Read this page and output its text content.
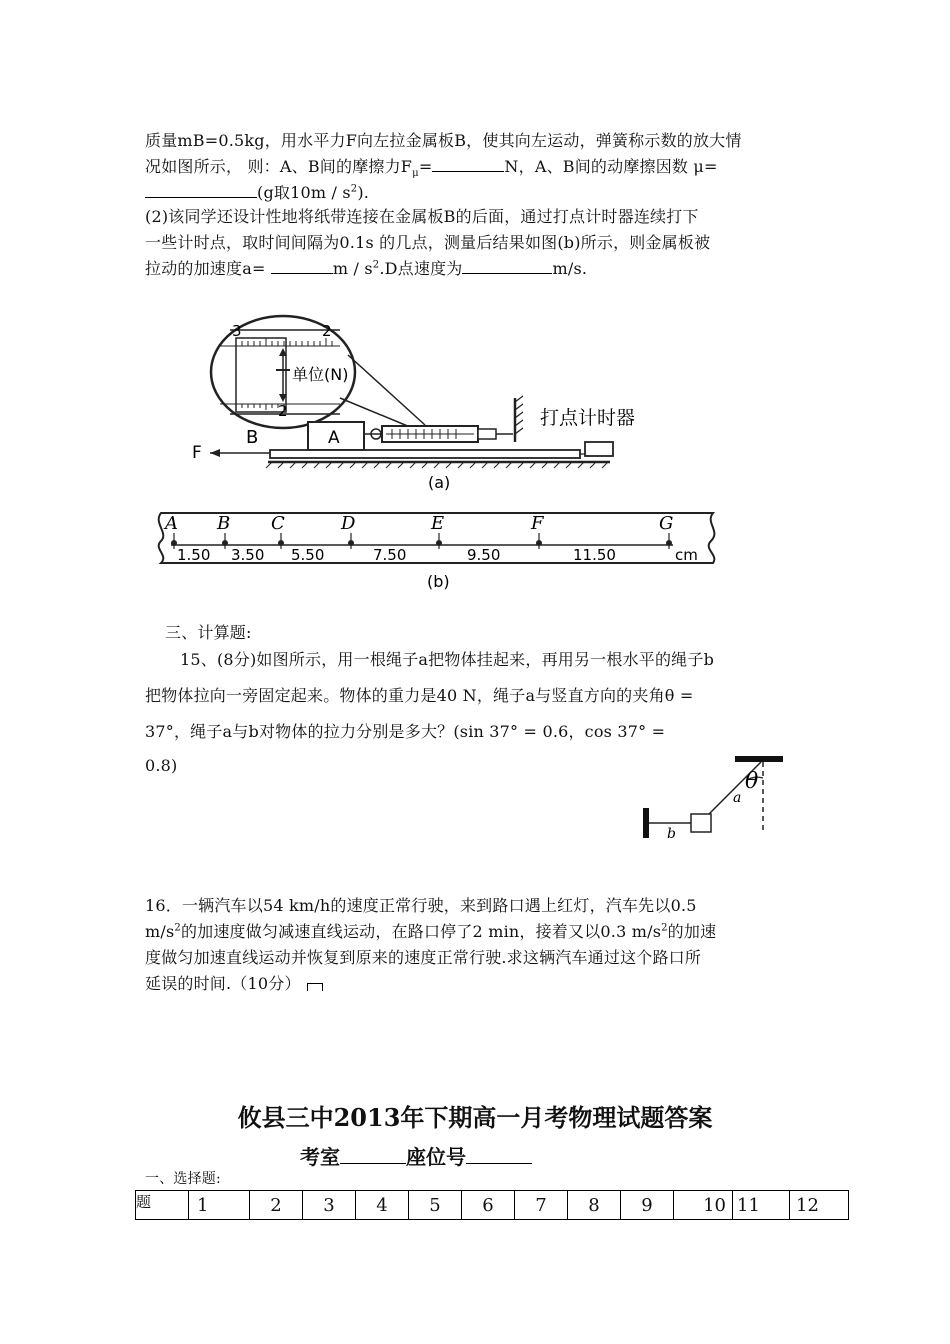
质量mB=0.5kg，用水平力F向左拉金属板B，使其向左运动，弹簧称示数的放大情
况如图所示， 则：A、B间的摩擦力$F_\mu=$	N，A、B间的动摩擦因数 μ=
(g取$10m / s^2$).
(2)该同学还设计性地将纸带连接在金属板B的后面，通过打点计时器连续打下
一些计时点，取时间间隔为0.1s 的几点，测量后结果如图(b)所示，则金属板被
拉动的加速度a=	m / $s^2.D$点速度为	m/s.
3	2
2
单位(N)
A
打点计时器
B
F
(a)
A B C	D	E	F	G
1.50 3.50 5.50	7.50	9.50	11.50	cm
(b)
三、计算题:
15、(8分)如图所示，用一根绳子a把物体挂起来，再用另一根水平的绳子b
把物体拉向一旁固定起来。物体的重力是40 N，绳子a与竖直方向的夹角θ =
37°，绳子a与b对物体的拉力分别是多大？(sin 37° = 0.6，cos 37° =
0.8)
θ
a
b
16．一辆汽车以54 km/h的速度正常行驶，来到路口遇上红灯，汽车先以0.5
$m/s^2$的加速度做匀减速直线运动，在路口停了2 min，接着又以0.3 $m/s^2$的加速
度做匀加速直线运动并恢复到原来的速度正常行驶.求这辆汽车通过这个路口所
延误的时间.（10分）
攸县三中2013年下期高一月考物理试题答案
考室	座位号
一、选择题:
题	1	2	3	4	5	6	7	8	9	10	11	12
